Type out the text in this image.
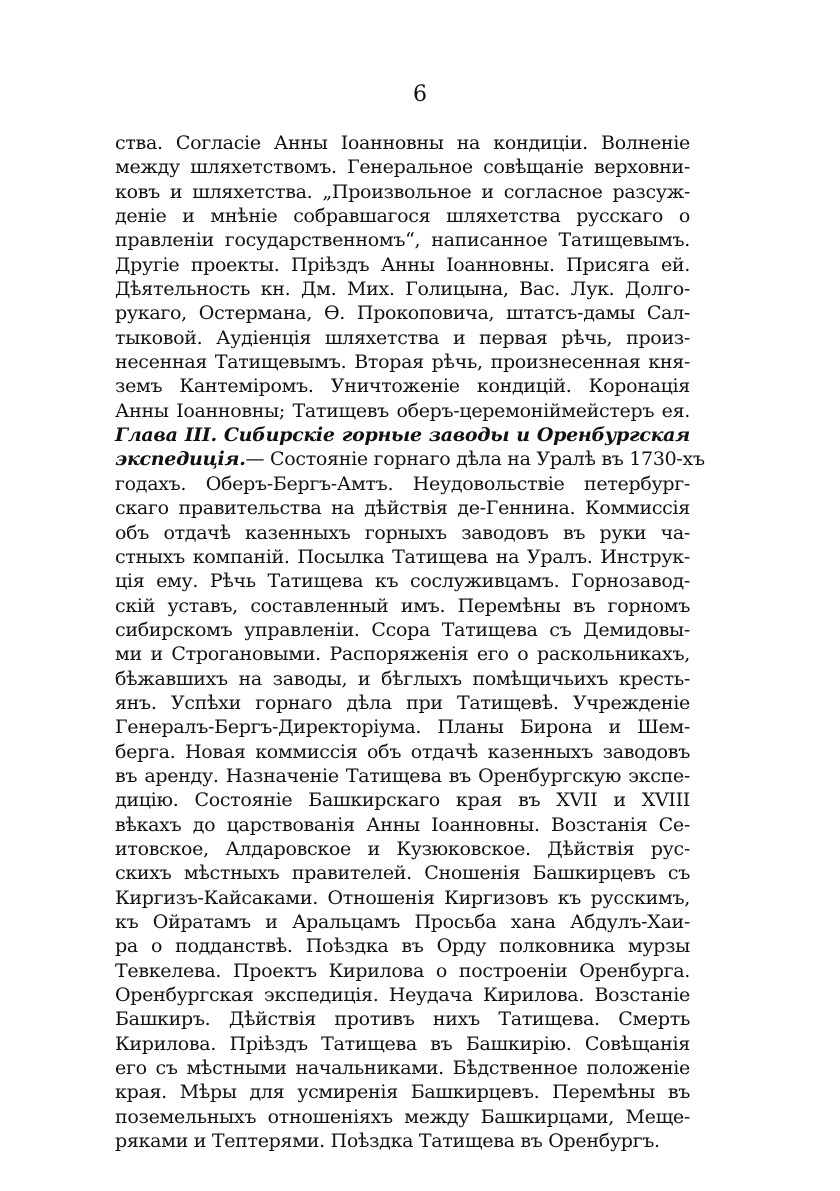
6
ства. Согласіе Анны Іоанновны на кондиціи. Волненіе
между шляхетствомъ. Генеральное совѣщаніе верховни-
ковъ и шляхетства. „Произвольное и согласное разсуж-
деніе и мнѣніе собравшагося шляхетства русскаго о
правленіи государственномъ“, написанное Татищевымъ.
Другіе проекты. Пріѣздъ Анны Іоанновны. Присяга ей.
Дѣятельность кн. Дм. Мих. Голицына, Вас. Лук. Долго-
рукаго, Остермана, Ѳ. Прокоповича, штатсъ-дамы Сал-
тыковой. Аудіенція шляхетства и первая рѣчь, произ-
несенная Татищевымъ. Вторая рѣчь, произнесенная кня-
земъ Кантеміромъ. Уничтоженіе кондицій. Коронація
Анны Іоанновны; Татищевъ оберъ-церемоніймейстеръ ея.
Глава III. Сибирскіе горные заводы и Оренбургская
экспедиція.— Состояніе горнаго дѣла на Уралѣ въ 1730-хъ
годахъ. Оберъ-Бергъ-Амтъ. Неудовольствіе петербург-
скаго правительства на дѣйствія де-Геннина. Коммиссія
объ отдачѣ казенныхъ горныхъ заводовъ въ руки ча-
стныхъ компаній. Посылка Татищева на Уралъ. Инструк-
ція ему. Рѣчь Татищева къ сослуживцамъ. Горнозавод-
скій уставъ, составленный имъ. Перемѣны въ горномъ
сибирскомъ управленіи. Ссора Татищева съ Демидовы-
ми и Строгановыми. Распоряженія его о раскольникахъ,
бѣжавшихъ на заводы, и бѣглыхъ помѣщичьихъ кресть-
янъ. Успѣхи горнаго дѣла при Татищевѣ. Учрежденіе
Генералъ-Бергъ-Директоріума. Планы Бирона и Шем-
берга. Новая коммиссія объ отдачѣ казенныхъ заводовъ
въ аренду. Назначеніе Татищева въ Оренбургскую экспе-
дицію. Состояніе Башкирскаго края въ XVII и XVIII
вѣкахъ до царствованія Анны Іоанновны. Возстанія Се-
итовское, Алдаровское и Кузюковское. Дѣйствія рус-
скихъ мѣстныхъ правителей. Сношенія Башкирцевъ съ
Киргизъ-Кайсаками. Отношенія Киргизовъ къ русскимъ,
къ Ойратамъ и Аральцамъ Просьба хана Абдулъ-Хаи-
ра о подданствѣ. Поѣздка въ Орду полковника мурзы
Тевкелева. Проектъ Кирилова о построеніи Оренбурга.
Оренбургская экспедиція. Неудача Кирилова. Возстаніе
Башкиръ. Дѣйствія противъ нихъ Татищева. Смерть
Кирилова. Пріѣздъ Татищева въ Башкирію. Совѣщанія
его съ мѣстными начальниками. Бѣдственное положеніе
края. Мѣры для усмиренія Башкирцевъ. Перемѣны въ
поземельныхъ отношеніяхъ между Башкирцами, Меще-
ряками и Тептерями. Поѣздка Татищева въ Оренбургъ.
